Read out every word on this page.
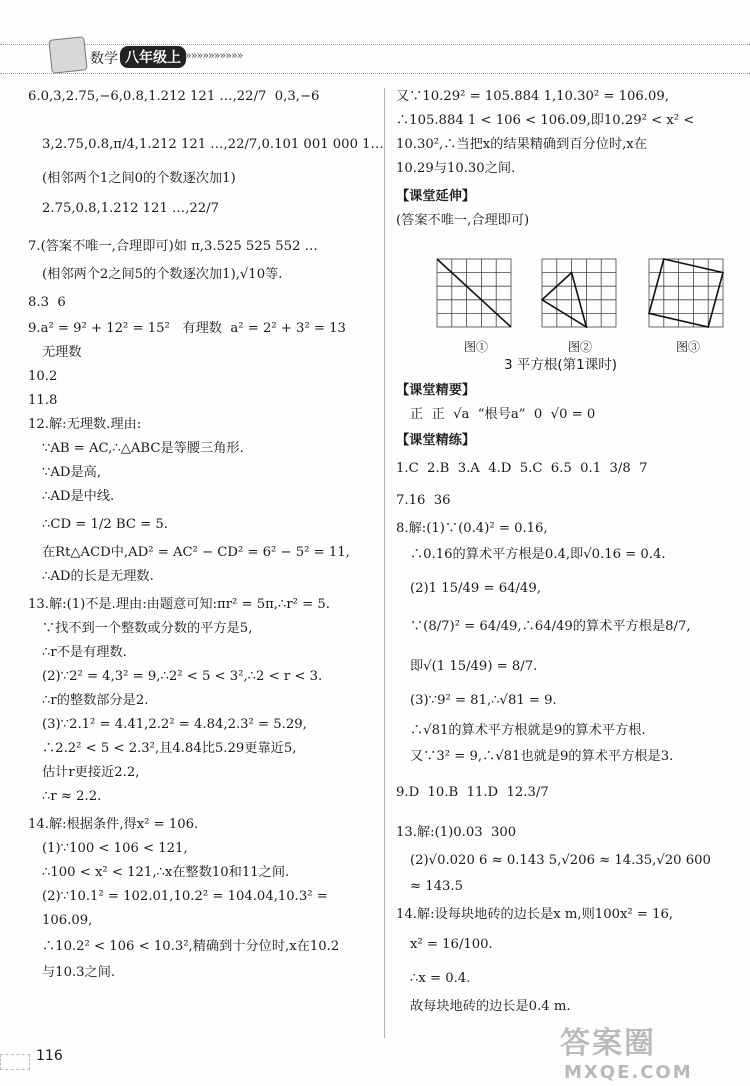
数学 八年级上 »»»»»»»»»»
6.0,3,2.75,−6,0.8,1.212 121 …,22/7  0,3,−6
3,2.75,0.8,π/4,1.212 121 …,22/7,0.101 001 000 1…
(相邻两个1之间0的个数逐次加1)
2.75,0.8,1.212 121 …,22/7
7.(答案不唯一,合理即可)如 π,3.525 525 552 …
(相邻两个2之间5的个数逐次加1),√10等.
8.3  6
9.a² = 9² + 12² = 15²   有理数  a² = 2² + 3² = 13
无理数
10.2
11.8
12.解:无理数.理由:
∵AB = AC,∴△ABC是等腰三角形.
∵AD是高,
∴AD是中线.
∴CD = 1/2 BC = 5.
在Rt△ACD中,AD² = AC² − CD² = 6² − 5² = 11,
∴AD的长是无理数.
13.解:(1)不是.理由:由题意可知:πr² = 5π,∴r² = 5.
∵找不到一个整数或分数的平方是5,
∴r不是有理数.
(2)∵2² = 4,3² = 9,∴2² < 5 < 3²,∴2 < r < 3.
∴r的整数部分是2.
(3)∵2.1² = 4.41,2.2² = 4.84,2.3² = 5.29,
∴2.2² < 5 < 2.3²,且4.84比5.29更靠近5,
估计r更接近2.2,
∴r ≈ 2.2.
14.解:根据条件,得x² = 106.
(1)∵100 < 106 < 121,
∴100 < x² < 121,∴x在整数10和11之间.
(2)∵10.1² = 102.01,10.2² = 104.04,10.3² =
106.09,
∴10.2² < 106 < 10.3²,精确到十分位时,x在10.2
与10.3之间.
又∵10.29² = 105.884 1,10.30² = 106.09,
∴105.884 1 < 106 < 106.09,即10.29² < x² <
10.30²,∴当把x的结果精确到百分位时,x在
10.29与10.30之间.
【课堂延伸】
(答案不唯一,合理即可)
图①	图②	图③
3 平方根(第1课时)
【课堂精要】
正  正  √a  “根号a”  0  √0 = 0
【课堂精练】
1.C  2.B  3.A  4.D  5.C  6.5  0.1  3/8  7
7.16  36
8.解:(1)∵(0.4)² = 0.16,
∴0.16的算术平方根是0.4,即√0.16 = 0.4.
(2)1 15/49 = 64/49,
∵(8/7)² = 64/49,∴64/49的算术平方根是8/7,
即√(1 15/49) = 8/7.
(3)∵9² = 81,∴√81 = 9.
∴√81的算术平方根就是9的算术平方根.
又∵3² = 9,∴√81也就是9的算术平方根是3.
9.D  10.B  11.D  12.3/7
13.解:(1)0.03  300
(2)√0.020 6 ≈ 0.143 5,√206 ≈ 14.35,√20 600
≈ 143.5
14.解:设每块地砖的边长是x m,则100x² = 16,
x² = 16/100.
∴x = 0.4.
故每块地砖的边长是0.4 m.
116	答案圈
MXQE.COM
